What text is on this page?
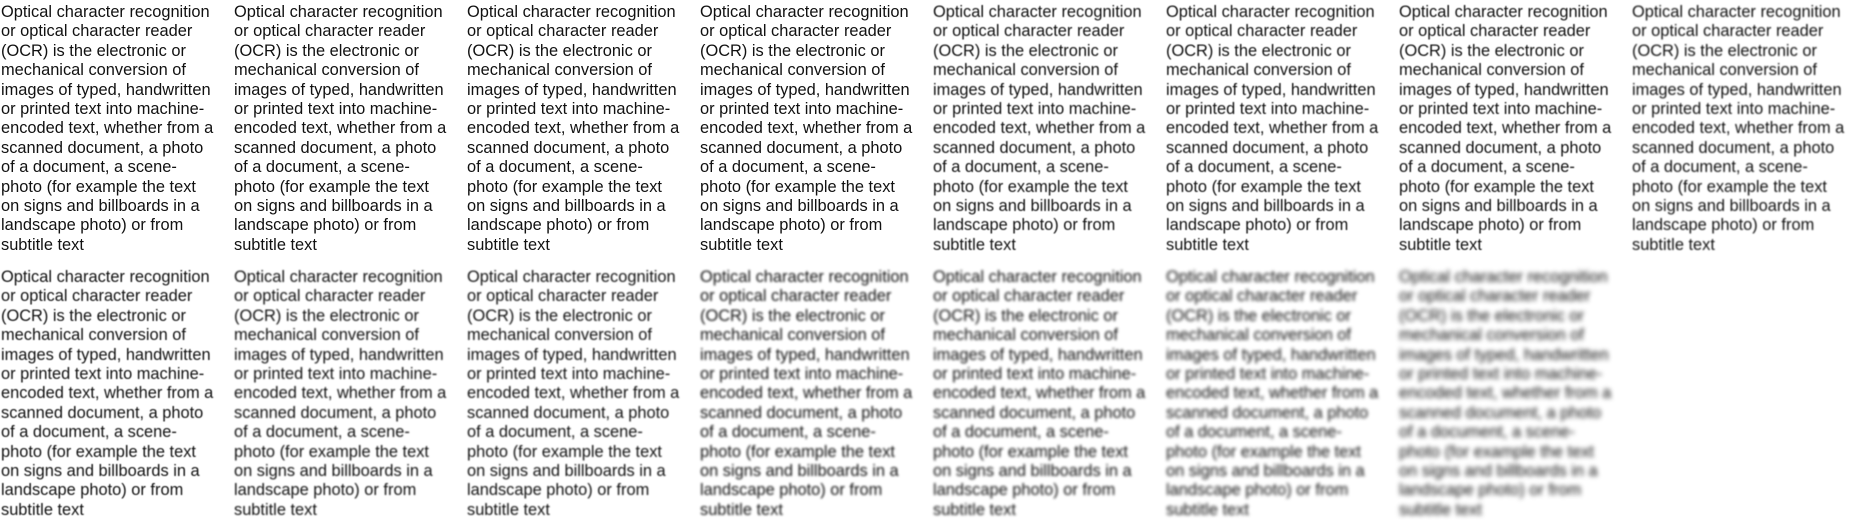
Optical character recognition
or optical character reader
(OCR) is the electronic or
mechanical conversion of
images of typed, handwritten
or printed text into machine-
encoded text, whether from a
scanned document, a photo
of a document, a scene-
photo (for example the text
on signs and billboards in a
landscape photo) or from
subtitle text

Optical character recognition
or optical character reader
(OCR) is the electronic or
mechanical conversion of
images of typed, handwritten
or printed text into machine-
encoded text, whether from a
scanned document, a photo
of a document, a scene-
photo (for example the text
on signs and billboards in a
landscape photo) or from
subtitle text

Optical character recognition
or optical character reader
(OCR) is the electronic or
mechanical conversion of
images of typed, handwritten
or printed text into machine-
encoded text, whether from a
scanned document, a photo
of a document, a scene-
photo (for example the text
on signs and billboards in a
landscape photo) or from
subtitle text

Optical character recognition
or optical character reader
(OCR) is the electronic or
mechanical conversion of
images of typed, handwritten
or printed text into machine-
encoded text, whether from a
scanned document, a photo
of a document, a scene-
photo (for example the text
on signs and billboards in a
landscape photo) or from
subtitle text

Optical character recognition
or optical character reader
(OCR) is the electronic or
mechanical conversion of
images of typed, handwritten
or printed text into machine-
encoded text, whether from a
scanned document, a photo
of a document, a scene-
photo (for example the text
on signs and billboards in a
landscape photo) or from
subtitle text

Optical character recognition
or optical character reader
(OCR) is the electronic or
mechanical conversion of
images of typed, handwritten
or printed text into machine-
encoded text, whether from a
scanned document, a photo
of a document, a scene-
photo (for example the text
on signs and billboards in a
landscape photo) or from
subtitle text

Optical character recognition
or optical character reader
(OCR) is the electronic or
mechanical conversion of
images of typed, handwritten
or printed text into machine-
encoded text, whether from a
scanned document, a photo
of a document, a scene-
photo (for example the text
on signs and billboards in a
landscape photo) or from
subtitle text

Optical character recognition
or optical character reader
(OCR) is the electronic or
mechanical conversion of
images of typed, handwritten
or printed text into machine-
encoded text, whether from a
scanned document, a photo
of a document, a scene-
photo (for example the text
on signs and billboards in a
landscape photo) or from
subtitle text

Optical character recognition
or optical character reader
(OCR) is the electronic or
mechanical conversion of
images of typed, handwritten
or printed text into machine-
encoded text, whether from a
scanned document, a photo
of a document, a scene-
photo (for example the text
on signs and billboards in a
landscape photo) or from
subtitle text

Optical character recognition
or optical character reader
(OCR) is the electronic or
mechanical conversion of
images of typed, handwritten
or printed text into machine-
encoded text, whether from a
scanned document, a photo
of a document, a scene-
photo (for example the text
on signs and billboards in a
landscape photo) or from
subtitle text

Optical character recognition
or optical character reader
(OCR) is the electronic or
mechanical conversion of
images of typed, handwritten
or printed text into machine-
encoded text, whether from a
scanned document, a photo
of a document, a scene-
photo (for example the text
on signs and billboards in a
landscape photo) or from
subtitle text

Optical character recognition
or optical character reader
(OCR) is the electronic or
mechanical conversion of
images of typed, handwritten
or printed text into machine-
encoded text, whether from a
scanned document, a photo
of a document, a scene-
photo (for example the text
on signs and billboards in a
landscape photo) or from
subtitle text

Optical character recognition
or optical character reader
(OCR) is the electronic or
mechanical conversion of
images of typed, handwritten
or printed text into machine-
encoded text, whether from a
scanned document, a photo
of a document, a scene-
photo (for example the text
on signs and billboards in a
landscape photo) or from
subtitle text

Optical character recognition
or optical character reader
(OCR) is the electronic or
mechanical conversion of
images of typed, handwritten
or printed text into machine-
encoded text, whether from a
scanned document, a photo
of a document, a scene-
photo (for example the text
on signs and billboards in a
landscape photo) or from
subtitle text

Optical character recognition
or optical character reader
(OCR) is the electronic or
mechanical conversion of
images of typed, handwritten
or printed text into machine-
encoded text, whether from a
scanned document, a photo
of a document, a scene-
photo (for example the text
on signs and billboards in a
landscape photo) or from
subtitle text
